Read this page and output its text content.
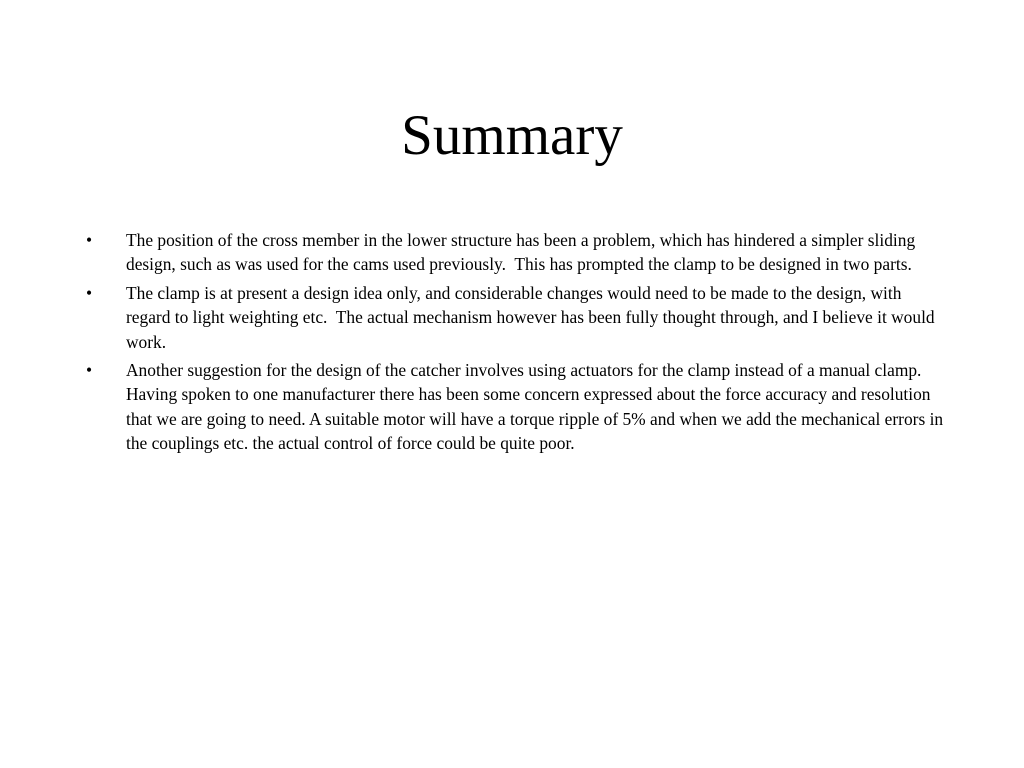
Summary
•	The position of the cross member in the lower structure has been a problem, which has hindered a simpler sliding design, such as was used for the cams used previously.  This has prompted the clamp to be designed in two parts.
•	The clamp is at present a design idea only, and considerable changes would need to be made to the design, with regard to light weighting etc.  The actual mechanism however has been fully thought through, and I believe it would work.
•	Another suggestion for the design of the catcher involves using actuators for the clamp instead of a manual clamp. Having spoken to one manufacturer there has been some concern expressed about the force accuracy and resolution that we are going to need. A suitable motor will have a torque ripple of 5% and when we add the mechanical errors in the couplings etc. the actual control of force could be quite poor.
